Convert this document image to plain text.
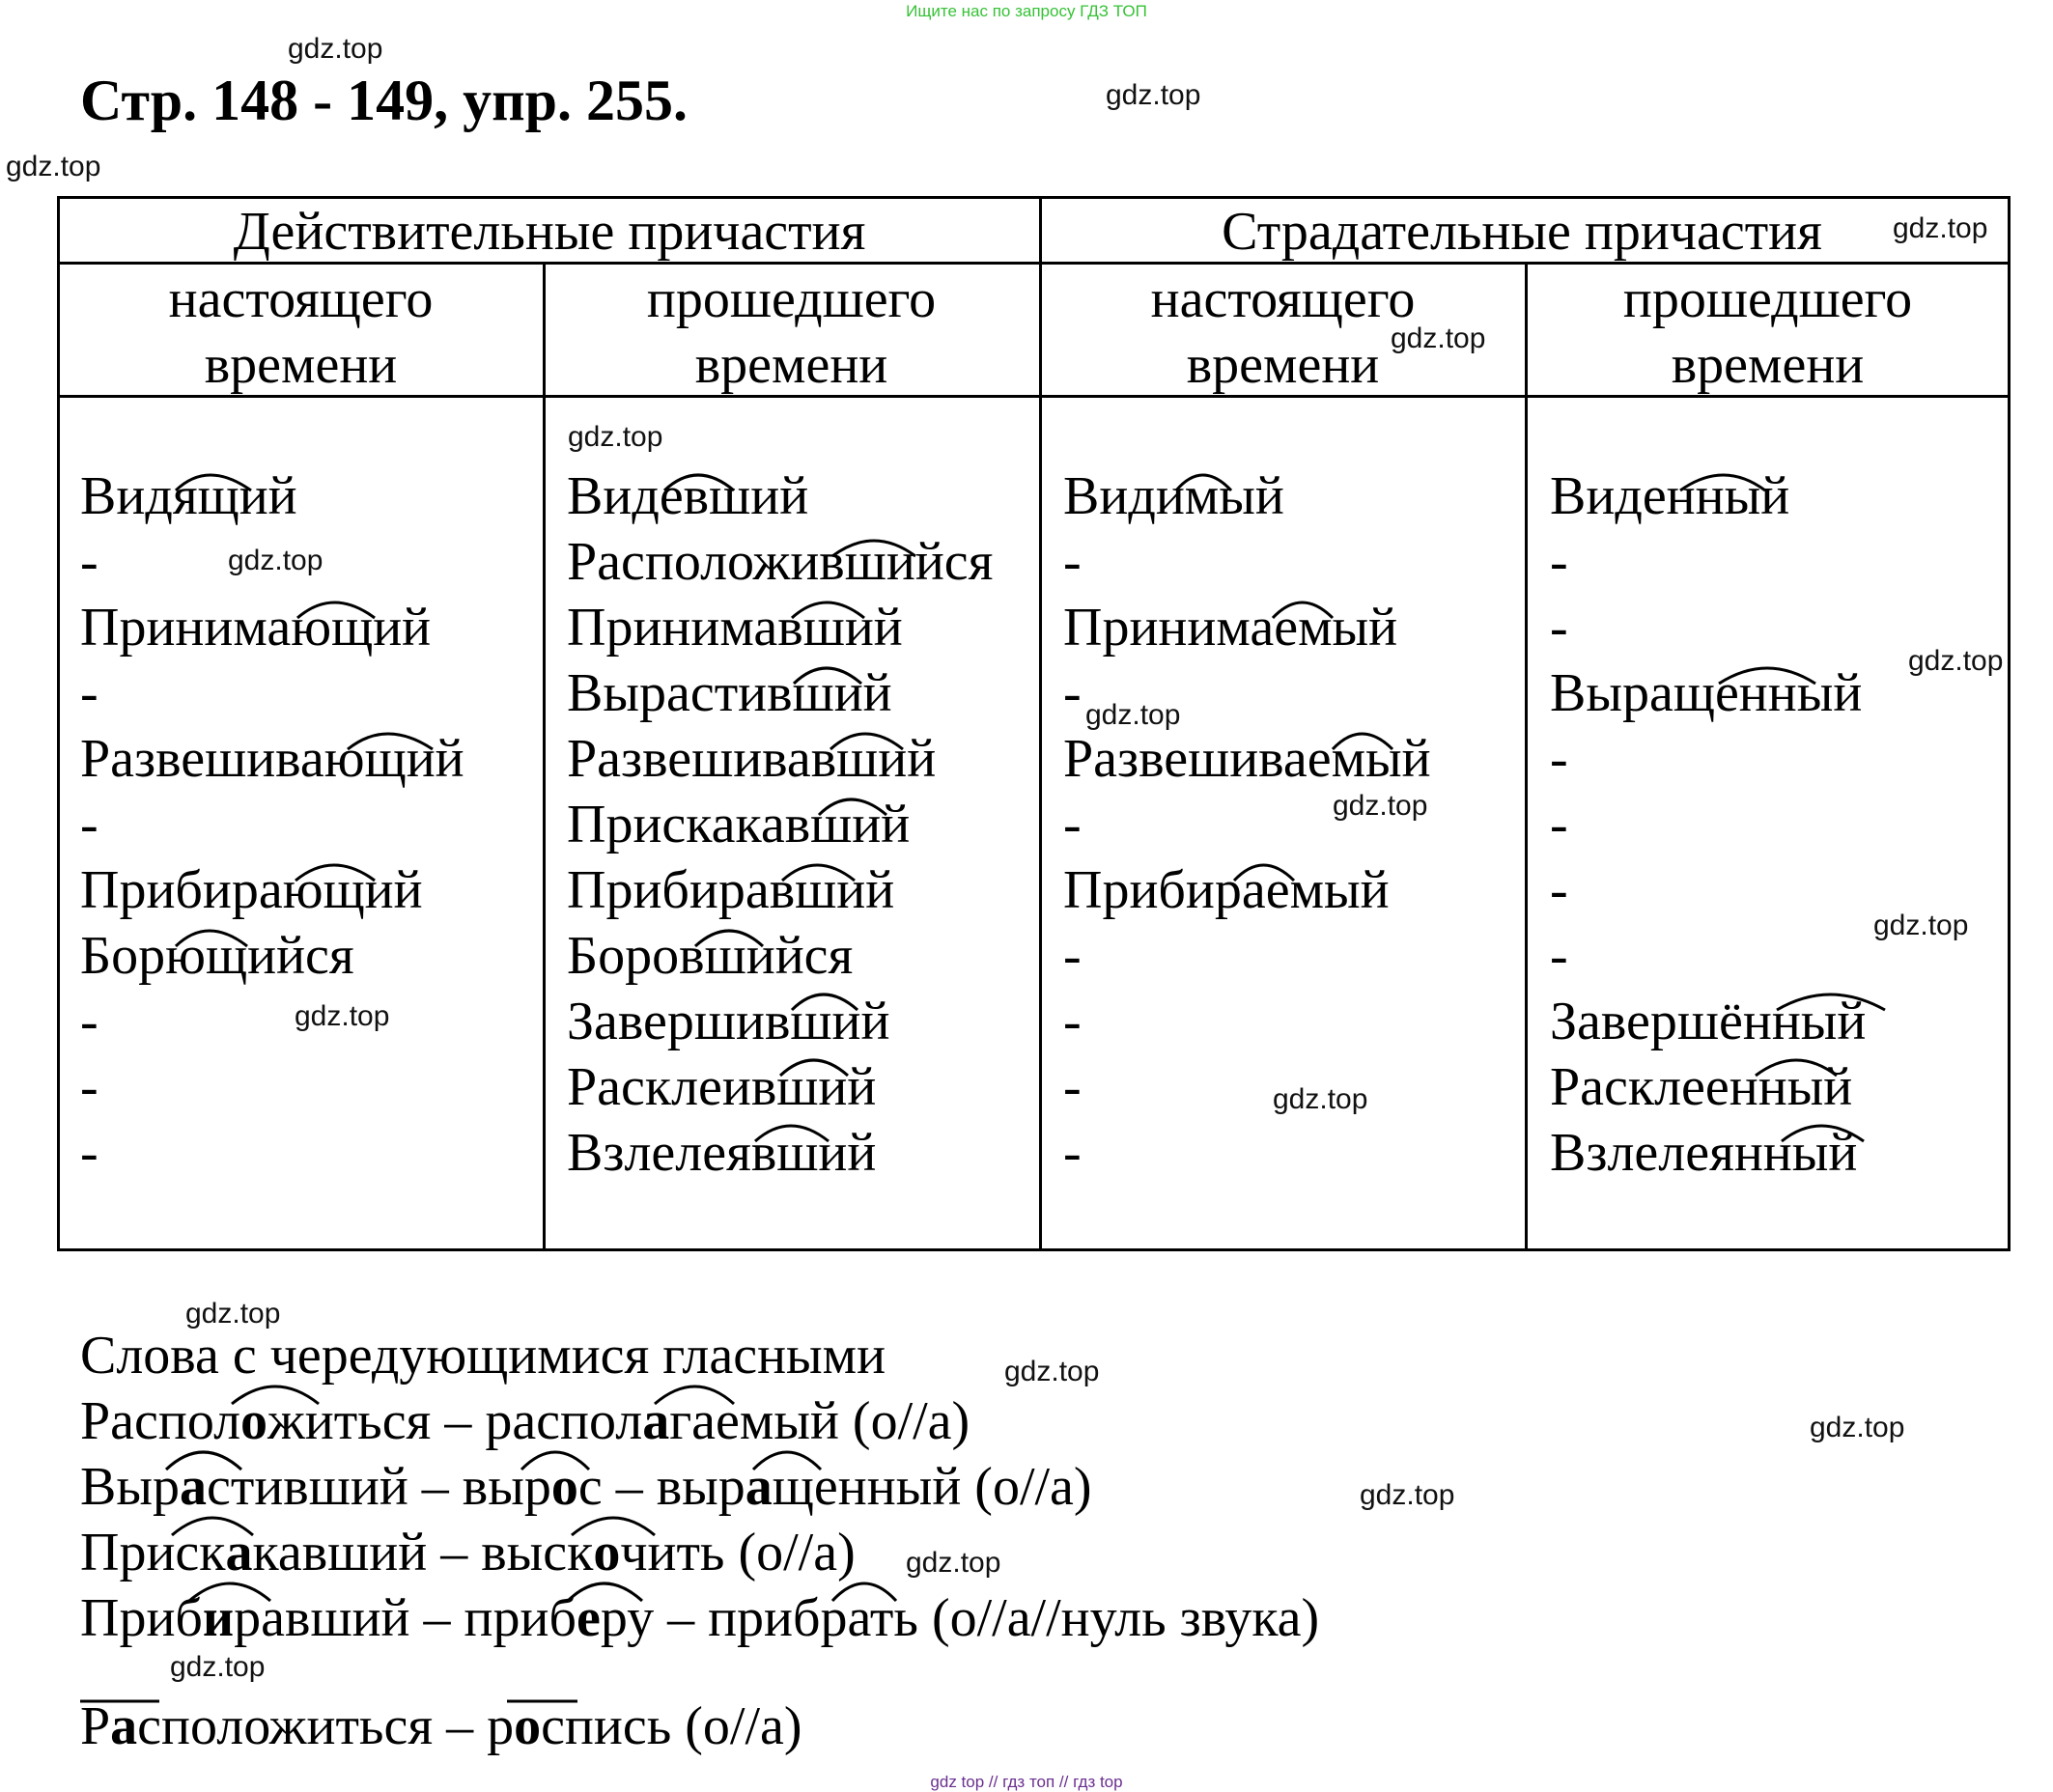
Ищите нас по запросу ГДЗ ТОП
Стр. 148 - 149, упр. 255.
Действительные причастия	Страдательные причастия
настоящего
времени
прошедшего
времени
настоящего
времени
прошедшего
времени
Видящий
-
Принимающий
-
Развешивающий
-
Прибирающий
Борющийся
-
-
-
Видевший
Расположившийся
Принимавший
Вырастивший
Развешивавший
Прискакавший
Прибиравший
Боровшийся
Завершивший
Расклеивший
Взлелеявший
Видимый
-
Принимаемый
-
Развешиваемый
-
Прибираемый
-
-
-
-
Виденный
-
-
Выращенный
-
-
-
-
Завершённый
Расклеенный
Взлелеянный
Слова с чередующимися гласными
Расположиться – располагаемый (о//а)
Вырастивший – вырос – выращенный (о//а)
Прискакавший – выскочить (о//а)
Прибиравший – приберу – прибрать (о//а//нуль звука)
Расположиться – роспись (о//а)
gdz.top
gdz.top
gdz.top
gdz.top
gdz.top
gdz.top
gdz.top
gdz.top
gdz.top
gdz.top
gdz.top
gdz.top
gdz.top
gdz.top
gdz.top
gdz.top
gdz.top
gdz.top
gdz.top
gdz top // гдз топ // гдз top
